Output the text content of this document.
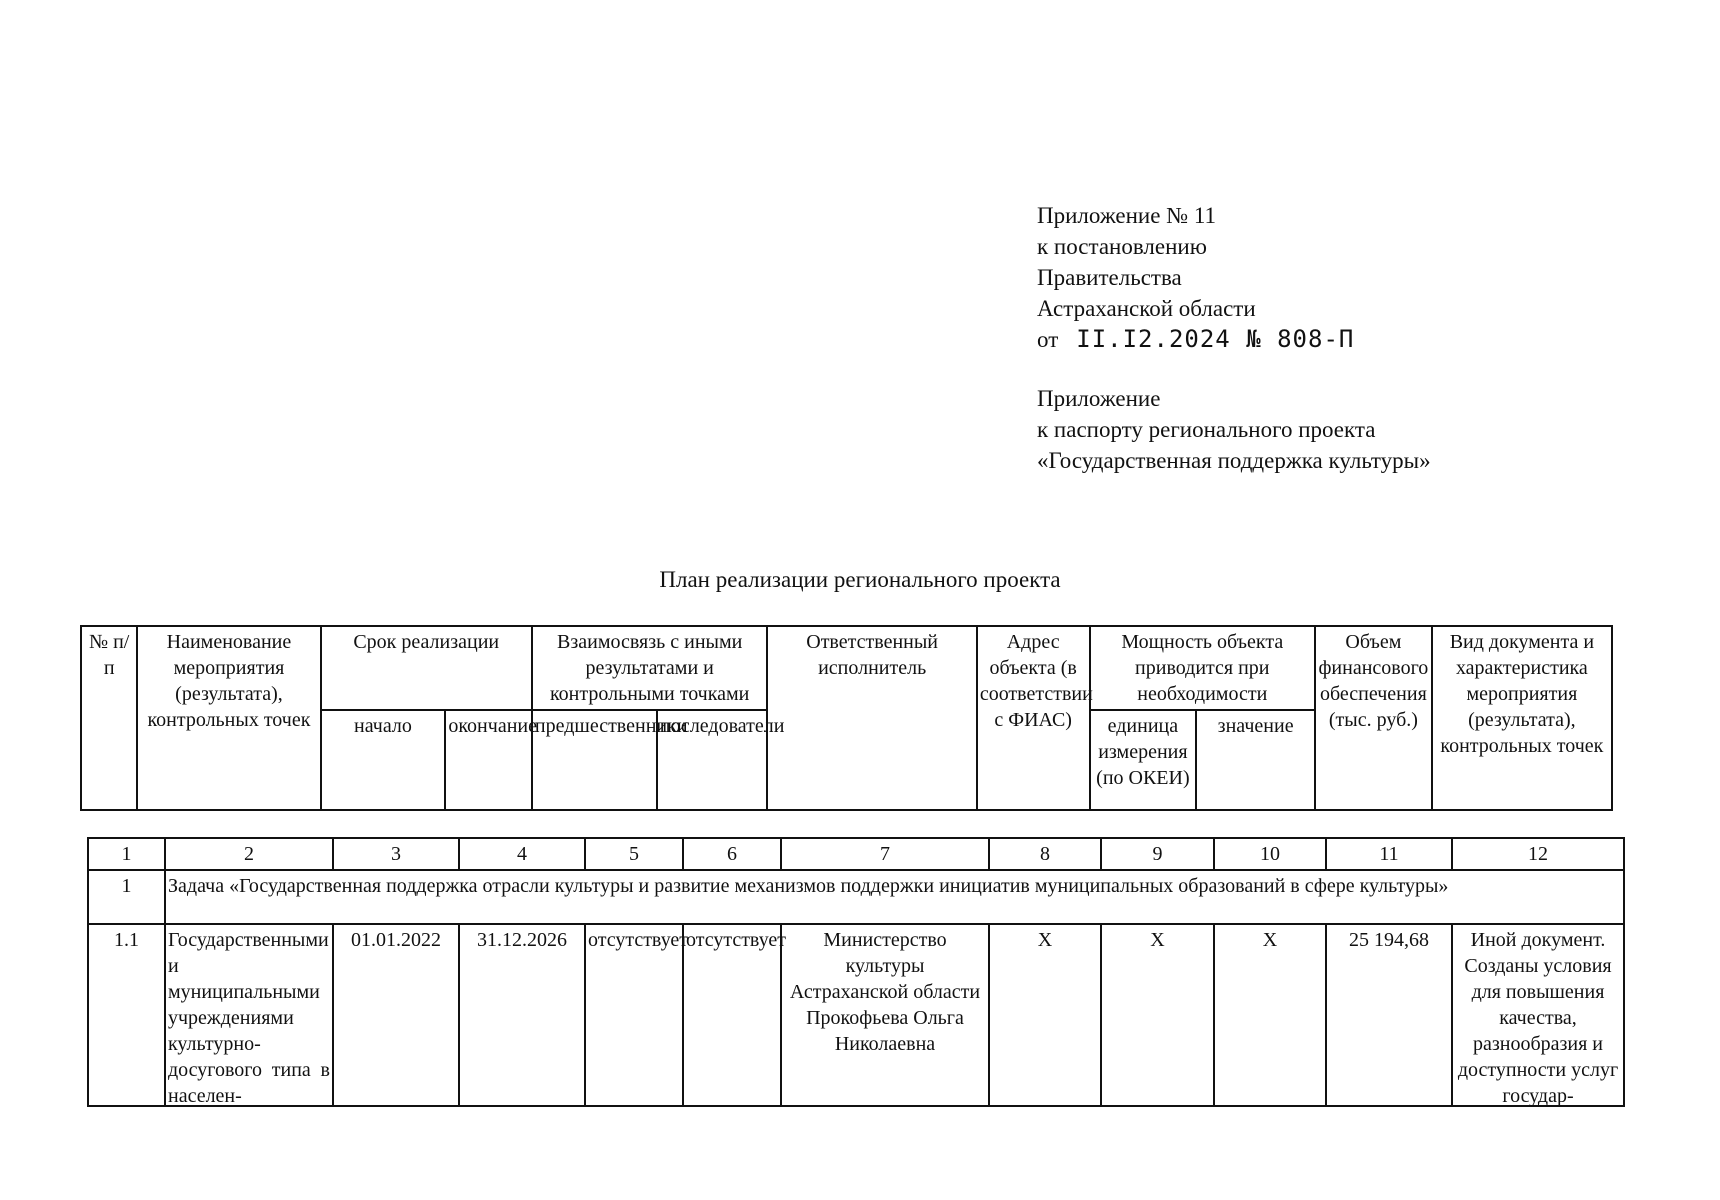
Приложение № 11
к постановлению
Правительства
Астраханской области
от II.I2.2024 № 808-П
Приложение
к паспорту регионального проекта
«Государственная поддержка культуры»
План реализации регионального проекта
№ п/п	Наименование мероприятия (результата), контрольных точек	Срок реализации		Взаимосвязь с иными результатами и контрольными точками		Ответственный исполнитель	Адрес объекта (в соответствии с ФИАС)	Мощность объекта приводится при необходимости		Объем финансового обеспечения (тыс. руб.)	Вид документа и характеристика мероприятия (результата), контрольных точек
		начало	окончание	предшественники	последователи			единица измерения (по ОКЕИ)	значение		
1	2	3	4	5	6	7	8	9	10	11	12
1	Задача «Государственная поддержка отрасли культуры и развитие механизмов поддержки инициатив муниципальных образований в сфере культуры»										
1.1	Государственными и муниципальными учреждениями культурно-досугового типа в населен-	01.01.2022	31.12.2026	отсутствует	отсутствует	Министерство культуры Астраханской области Прокофьева Ольга Николаевна	Х	Х	Х	25 194,68	Иной документ. Созданы условия для повышения качества, разнообразия и доступности услуг государ-
